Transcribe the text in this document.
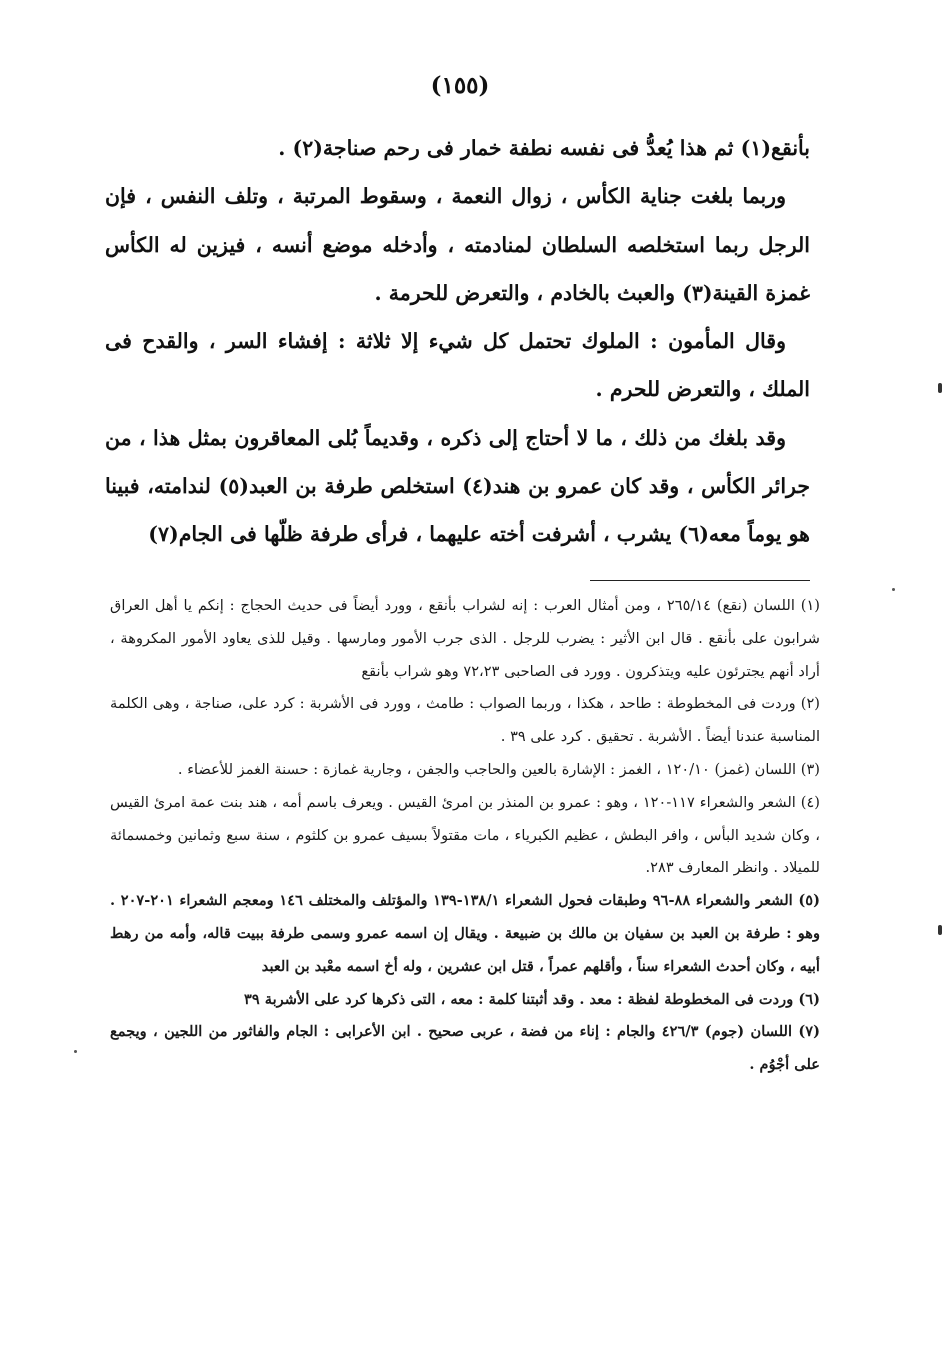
(١٥٥)

بأنقع(١) ثم هذا يُعدُّ فى نفسه نطفة خمار فى رحم صناجة(٢) .

وربما بلغت جناية الكأس ، زوال النعمة ، وسقوط المرتبة ، وتلف النفس ، فإن الرجل ربما استخلصه السلطان لمنادمته ، وأدخله موضع أنسه ، فيزين له الكأس غمزة القينة(٣) والعبث بالخادم ، والتعرض للحرمة .

وقال المأمون : الملوك تحتمل كل شيء إلا ثلاثة : إفشاء السر ، والقدح فى الملك ، والتعرض للحرم .

وقد بلغك من ذلك ، ما لا أحتاج إلى ذكره ، وقديماً بُلى المعاقرون بمثل هذا ، من جرائر الكأس ، وقد كان عمرو بن هند(٤) استخلص طرفة بن العبد(٥) لندامته، فبينا هو يوماً معه(٦) يشرب ، أشرفت أخته عليهما ، فرأى طرفة ظلّها فى الجام(٧)

(١) اللسان (نقع) ٢٦٥/١٤ ، ومن أمثال العرب : إنه لشراب بأنقع ، وورد أيضاً فى حديث الحجاج : إنكم يا أهل العراق شرابون على بأنقع . قال ابن الأثير : يضرب للرجل . الذى جرب الأمور ومارسها . وقيل للذى يعاود الأمور المكروهة ، أراد أنهم يجترئون عليه ويتذكرون . وورد فى الصاحبى ٧٢،٢٣ وهو شراب بأنقع

(٢) وردت فى المخطوطة : طاحد ، هكذا ، وربما الصواب : طامث ، وورد فى الأشربة : كرد على، صناجة ، وهى الكلمة المناسبة عندنا أيضاً . الأشربة . تحقيق . كرد على ٣٩ .

(٣) اللسان (غمز) ١٢٠/١٠ ، الغمز : الإشارة بالعين والحاجب والجفن ، وجارية غمازة : حسنة الغمز للأعضاء .

(٤) الشعر والشعراء ١١٧-١٢٠ ، وهو : عمرو بن المنذر بن امرئ القيس . ويعرف باسم أمه ، هند بنت عمة امرئ القيس ، وكان شديد البأس ، وافر البطش ، عظيم الكبرياء ، مات مقتولاً بسيف عمرو بن كلثوم ، سنة سبع وثمانين وخمسمائة للميلاد . وانظر المعارف ٢٨٣.

(٥) الشعر والشعراء ٨٨-٩٦ وطبقات فحول الشعراء ١٣٨/١-١٣٩ والمؤتلف والمختلف ١٤٦ ومعجم الشعراء ٢٠١-٢٠٧ . وهو : طرفة بن العبد بن سفيان بن مالك بن ضبيعة . ويقال إن اسمه عمرو وسمى طرفة ببيت قاله، وأمه من رهط أبيه ، وكان أحدث الشعراء سناً ، وأقلهم عمراً ، قتل ابن عشرين ، وله أخ اسمه معْبد بن العبد

(٦) وردت فى المخطوطة لفظة : معد . وقد أثبتنا كلمة : معه ، التى ذكرها كرد على الأشربة ٣٩

(٧) اللسان (جوم) ٤٢٦/٣ والجام : إناء من فضة ، عربى صحيح . ابن الأعرابى : الجام والفاثور من اللجين ، ويجمع على أجْوُم .
